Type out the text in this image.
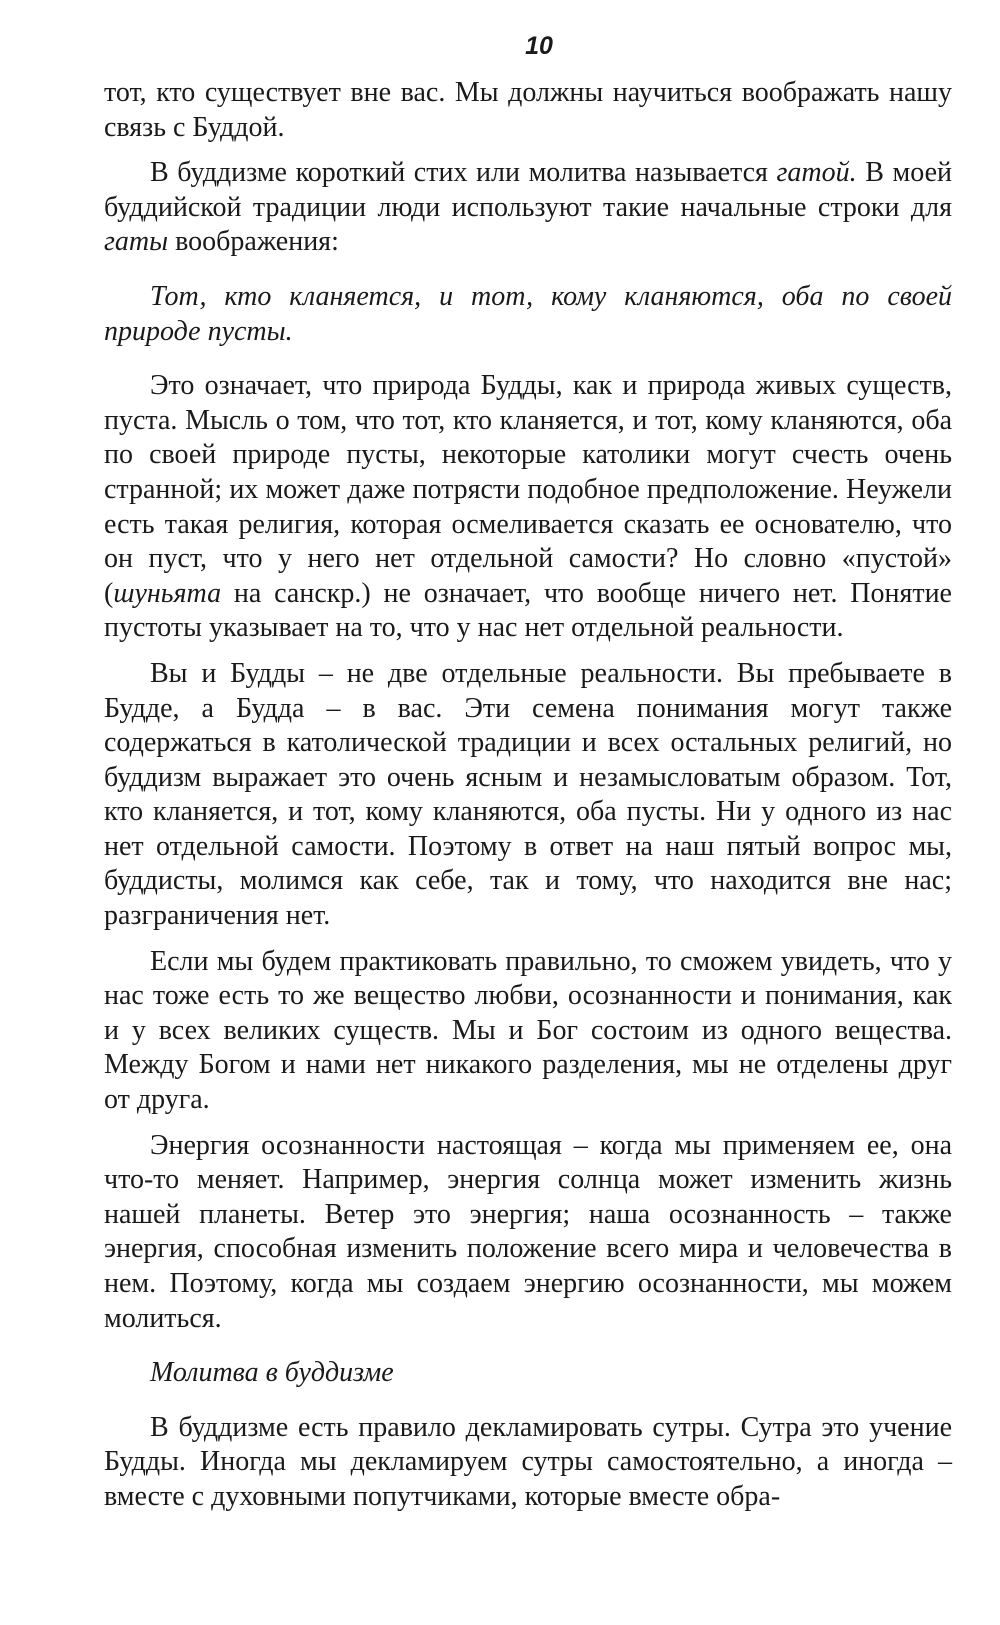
10

тот, кто существует вне вас. Мы должны научиться воображать нашу связь с Буддой.

В буддизме короткий стих или молитва называется гатой. В моей буддийской традиции люди используют такие начальные строки для гаты воображения:

Тот, кто кланяется, и тот, кому кланяются, оба по своей природе пусты.

Это означает, что природа Будды, как и природа живых существ, пуста. Мысль о том, что тот, кто кланяется, и тот, кому кланяются, оба по своей природе пусты, некоторые католики могут счесть очень странной; их может даже потрясти подобное предположение. Неужели есть такая религия, которая осмеливается сказать ее основателю, что он пуст, что у него нет отдельной самости? Но словно «пустой» (шуньята на санскр.) не означает, что вообще ничего нет. Понятие пустоты указывает на то, что у нас нет отдельной реальности.

Вы и Будды – не две отдельные реальности. Вы пребываете в Будде, а Будда – в вас. Эти семена понимания могут также содержаться в католической традиции и всех остальных религий, но буддизм выражает это очень ясным и незамысловатым образом. Тот, кто кланяется, и тот, кому кланяются, оба пусты. Ни у одного из нас нет отдельной самости. Поэтому в ответ на наш пятый вопрос мы, буддисты, молимся как себе, так и тому, что находится вне нас; разграничения нет.

Если мы будем практиковать правильно, то сможем увидеть, что у нас тоже есть то же вещество любви, осознанности и понимания, как и у всех великих существ. Мы и Бог состоим из одного вещества. Между Богом и нами нет никакого разделения, мы не отделены друг от друга.

Энергия осознанности настоящая – когда мы применяем ее, она что-то меняет. Например, энергия солнца может изменить жизнь нашей планеты. Ветер это энергия; наша осознанность – также энергия, способная изменить положение всего мира и человечества в нем. Поэтому, когда мы создаем энергию осознанности, мы можем молиться.

Молитва в буддизме

В буддизме есть правило декламировать сутры. Сутра это учение Будды. Иногда мы декламируем сутры самостоятельно, а иногда – вместе с духовными попутчиками, которые вместе обра-
